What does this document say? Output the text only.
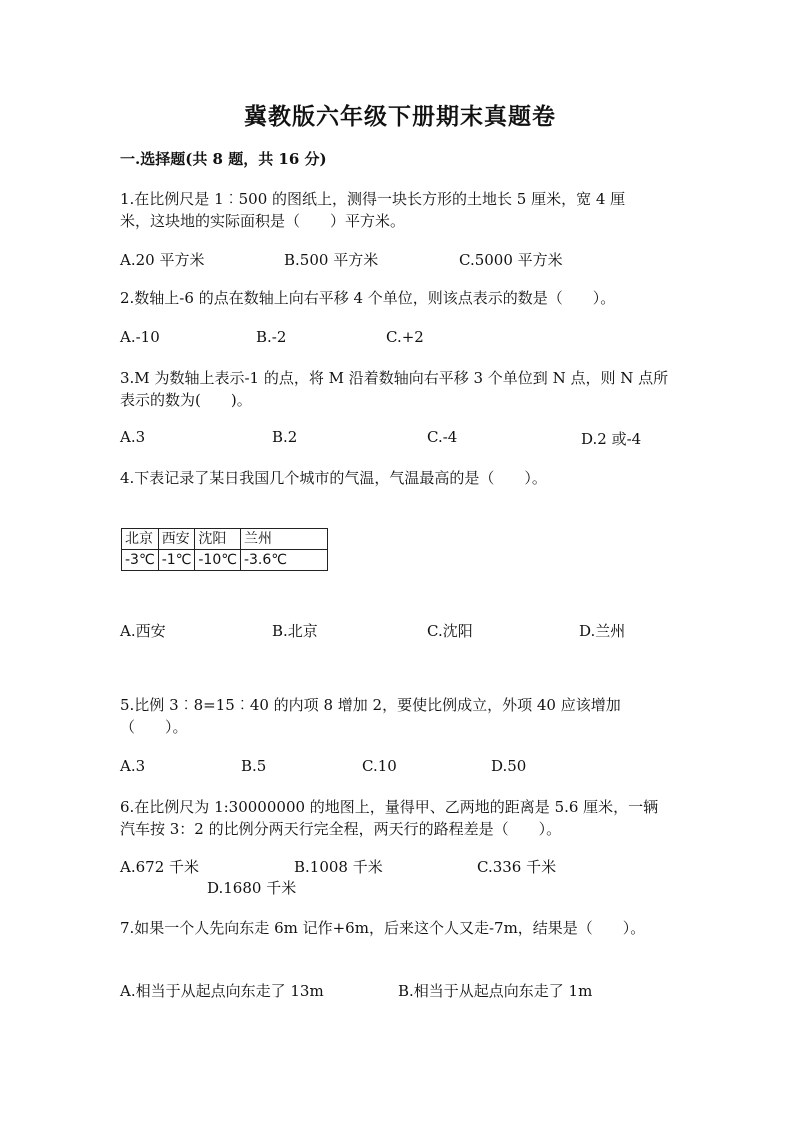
冀教版六年级下册期末真题卷
一.选择题(共 8 题，共 16 分)
1.在比例尺是 1︰500 的图纸上，测得一块长方形的土地长 5 厘米，宽 4 厘
米，这块地的实际面积是（　　）平方米。
A.20 平方米	B.500 平方米	C.5000 平方米
2.数轴上-6 的点在数轴上向右平移 4 个单位，则该点表示的数是（　　）。
A.-10	B.-2	C.+2
3.M 为数轴上表示-1 的点，将 M 沿着数轴向右平移 3 个单位到 N 点，则 N 点所
表示的数为(　　)。
A.3	B.2	C.-4	D.2 或-4
4.下表记录了某日我国几个城市的气温，气温最高的是（　　）。
北京	西安	沈阳	兰州
-3℃	-1℃	-10℃	-3.6℃
A.西安	B.北京	C.沈阳	D.兰州
5.比例 3︰8=15︰40 的内项 8 增加 2，要使比例成立，外项 40 应该增加
（　　）。
A.3	B.5	C.10	D.50
6.在比例尺为 1:30000000 的地图上，量得甲、乙两地的距离是 5.6 厘米，一辆
汽车按 3：2 的比例分两天行完全程，两天行的路程差是（　　）。
A.672 千米	B.1008 千米	C.336 千米
D.1680 千米
7.如果一个人先向东走 6m 记作+6m，后来这个人又走-7m，结果是（　　）。
A.相当于从起点向东走了 13m	B.相当于从起点向东走了 1m
